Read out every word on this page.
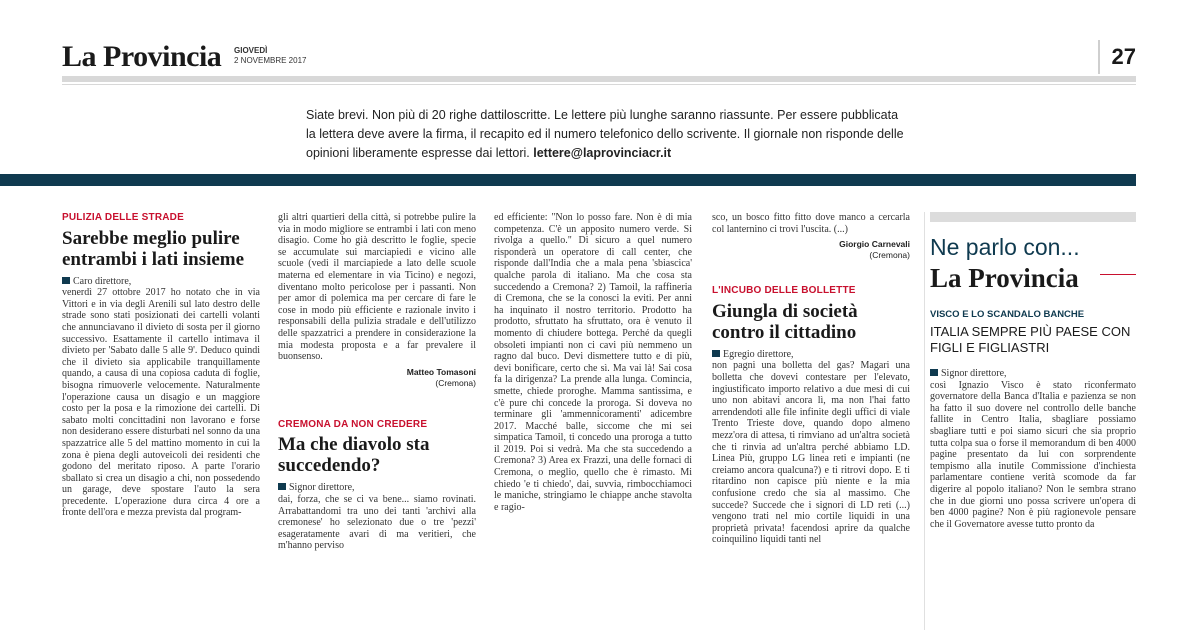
La Provincia GIOVEDÌ
2 NOVEMBRE 2017	27
Siate brevi. Non più di 20 righe dattiloscritte. Le lettere più lunghe saranno riassunte. Per essere pubblicata la lettera deve avere la firma, il recapito ed il numero telefonico dello scrivente. Il giornale non risponde delle opinioni liberamente espresse dai lettori. lettere@laprovinciacr.it
PULIZIA DELLE STRADE
Sarebbe meglio pulire entrambi i lati insieme

Caro direttore,

venerdì 27 ottobre 2017 ho notato che in via Vittori e in via degli Arenili sul lato destro delle strade sono stati posizionati dei cartelli volanti che annunciavano il divieto di sosta per il giorno successivo. Esattamente il cartello intimava il divieto per 'Sabato dalle 5 alle 9'. Deduco quindi che il divieto sia applicabile tranquillamente quando, a causa di una copiosa caduta di foglie, bisogna rimuoverle velocemente. Naturalmente l'operazione causa un disagio e un maggiore costo per la posa e la rimozione dei cartelli. Di sabato molti concittadini non lavorano e forse non desiderano essere disturbati nel sonno da una spazzatrice alle 5 del mattino momento in cui la zona è piena degli autoveicoli dei residenti che godono del meritato riposo. A parte l'orario sballato si crea un disagio a chi, non possedendo un garage, deve spostare l'auto la sera precedente. L'operazione dura circa 4 ore a fronte dell'ora e mezza prevista dal program-

gli altri quartieri della città, si potrebbe pulire la via in modo migliore se entrambi i lati con meno disagio. Come ho già descritto le foglie, specie se accumulate sui marciapiedi e vicino alle scuole (vedi il marciapiede a lato delle scuole materna ed elementare in via Ticino) e negozi, diventano molto pericolose per i passanti. Non per amor di polemica ma per cercare di fare le cose in modo più efficiente e razionale invito i responsabili della pulizia stradale e dell'utilizzo delle spazzatrici a prendere in considerazione la mia modesta proposta e a far prevalere il buonsenso.

Matteo Tomasoni
(Cremona)
CREMONA DA NON CREDERE
Ma che diavolo sta succedendo?

Signor direttore,

dai, forza, che se ci va bene... siamo rovinati. Arrabattandomi tra uno dei tanti 'archivi alla cremonese' ho selezionato due o tre 'pezzi' esageratamente avari di ma veritieri, che m'hanno perviso

ed efficiente: "Non lo posso fare. Non è di mia competenza. C'è un apposito numero verde. Si rivolga a quello." Di sicuro a quel numero risponderà un operatore di call center, che risponde dall'India che a mala pena 'sbiascica' qualche parola di italiano. Ma che cosa sta succedendo a Cremona? 2) Tamoil, la raffineria di Cremona, che se la conosci la eviti. Per anni ha inquinato il nostro territorio. Prodotto ha prodotto, sfruttato ha sfruttato, ora è venuto il momento di chiudere bottega. Perché da quegli obsoleti impianti non ci cavi più nemmeno un ragno dal buco. Devi dismettere tutto e di più, devi bonificare, certo che sì. Ma vai là! Sai cosa fa la dirigenza? La prende alla lunga. Comincia, smette, chiede proroghe. Mamma santissima, e c'è pure chi concede la proroga. Si doveva no terminare gli 'ammennicoramenti' adicembre 2017. Macché balle, siccome che mi sei simpatica Tamoil, ti concedo una proroga a tutto il 2019. Poi si vedrà. Ma che sta succedendo a Cremona? 3) Area ex Frazzi, una delle fornaci di Cremona, o meglio, quello che è rimasto. Mi chiedo 'e ti chiedo', dai, suvvia, rimbocchiamoci le maniche, stringiamo le chiappe anche stavolta e ragio-

sco, un bosco fitto fitto dove manco a cercarla col lanternino ci trovi l'uscita. (...)

Giorgio Carnevali
(Cremona)
L'INCUBO DELLE BOLLETTE
Giungla di società contro il cittadino

Egregio direttore,

non pagni una bolletta del gas? Magari una bolletta che dovevi contestare per l'elevato, ingiustificato importo relativo a due mesi di cui uno non abitavi ancora lì, ma non l'hai fatto arrendendoti alle file infinite degli uffici di viale Trento Trieste dove, quando dopo almeno mezz'ora di attesa, ti rimviano ad un'altra società che ti rinvia ad un'altra perché abbiamo LD. Linea Più, gruppo LG linea reti e impianti (ne creiamo ancora qualcuna?) e ti ritrovi dopo. E ti ritardino non capisce più niente e la mia confusione credo che sia al massimo. Che succede? Succede che i signori di LD reti (...) vengono trati nel mio cortile liquidi in una proprietà privata! facendosi aprire da qualche coinquilino liquidi tanti nel

Ne parlo con...
La Provincia
VISCO E LO SCANDALO BANCHE
ITALIA SEMPRE PIÙ PAESE CON FIGLI E FIGLIASTRI

Signor direttore,

così Ignazio Visco è stato riconfermato governatore della Banca d'Italia e pazienza se non ha fatto il suo dovere nel controllo delle banche fallite in Centro Italia, sbagliare possiamo sbagliare tutti e poi siamo sicuri che sia proprio tutta colpa sua o forse il memorandum di ben 4000 pagine presentato da lui con sorprendente tempismo alla inutile Commissione d'inchiesta parlamentare contiene verità scomode da far digerire al popolo italiano? Non le sembra strano che in due giorni uno possa scrivere un'opera di ben 4000 pagine? Non è più ragionevole pensare che il Governatore avesse tutto pronto da
